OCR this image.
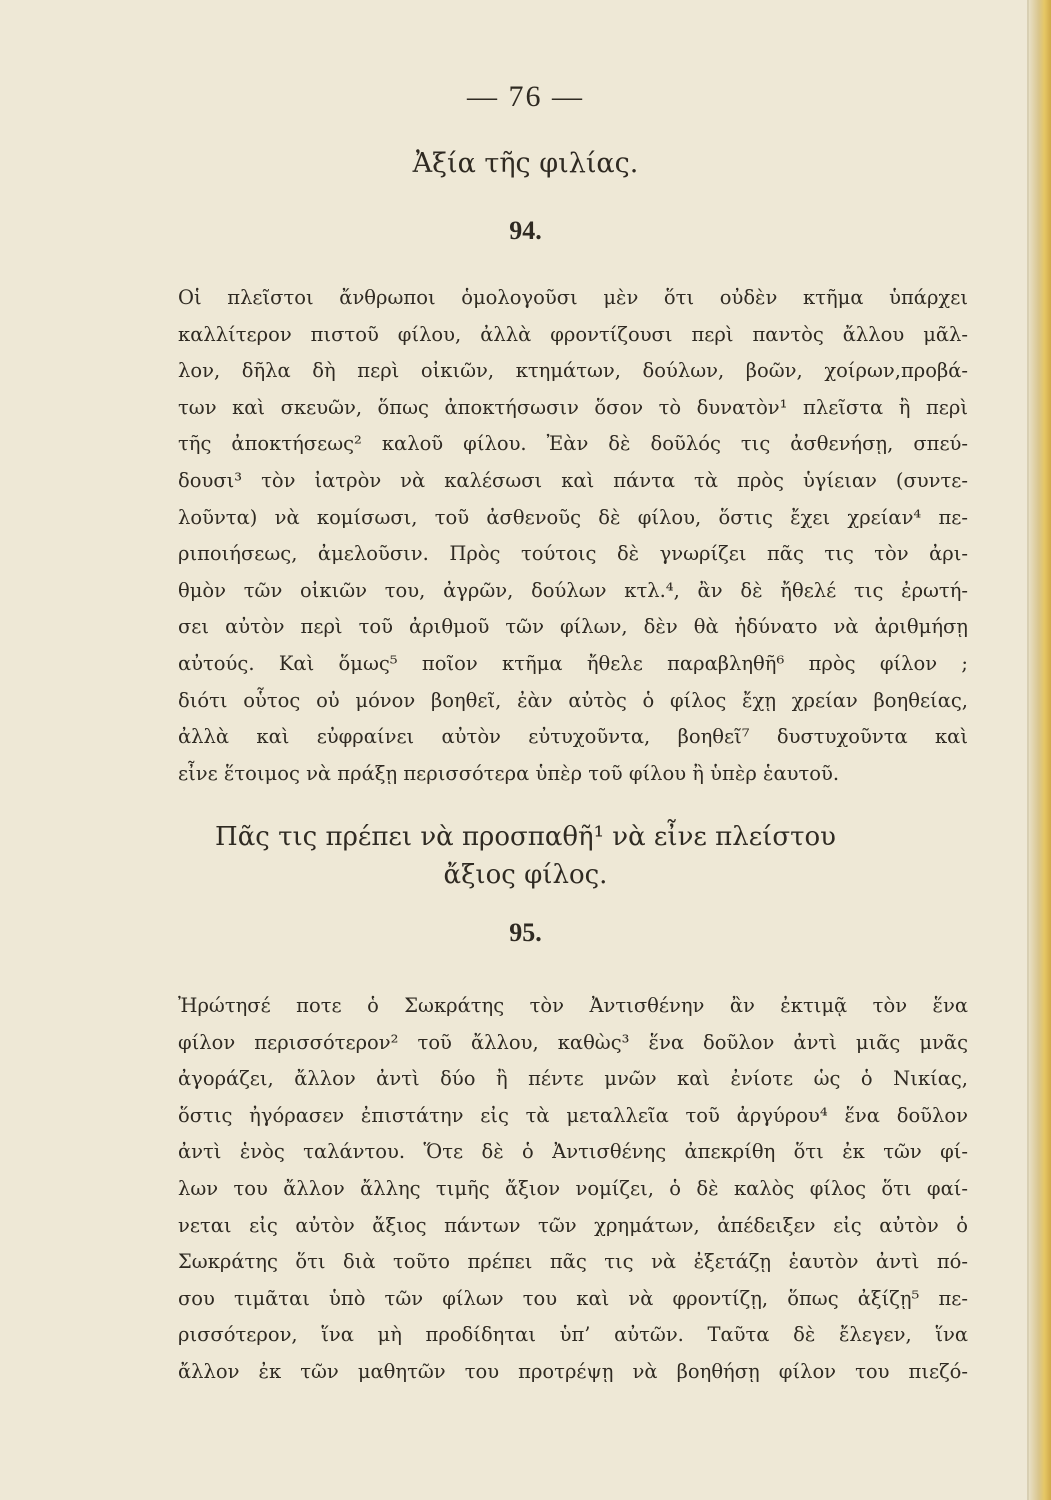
— 76 —
Ἀξία τῆς φιλίας.
94.
Οἱ πλεῖστοι ἄνθρωποι ὁμολογοῦσι μὲν ὅτι οὐδὲν κτῆμα ὑπάρχει
καλλίτερον πιστοῦ φίλου, ἀλλὰ φροντίζουσι περὶ παντὸς ἄλλου μᾶλ-
λον, δῆλα δὴ περὶ οἰκιῶν, κτημάτων, δούλων, βοῶν, χοίρων,προβά-
των καὶ σκευῶν, ὅπως ἀποκτήσωσιν ὅσον τὸ δυνατὸν¹ πλεῖστα ἢ περὶ
τῆς ἀποκτήσεως² καλοῦ φίλου. Ἐὰν δὲ δοῦλός τις ἀσθενήσῃ, σπεύ-
δουσι³ τὸν ἰατρὸν νὰ καλέσωσι καὶ πάντα τὰ πρὸς ὑγίειαν (συντε-
λοῦντα) νὰ κομίσωσι, τοῦ ἀσθενοῦς δὲ φίλου, ὅστις ἔχει χρείαν⁴ πε-
ριποιήσεως, ἀμελοῦσιν. Πρὸς τούτοις δὲ γνωρίζει πᾶς τις τὸν ἀρι-
θμὸν τῶν οἰκιῶν του, ἀγρῶν, δούλων κτλ.⁴, ἂν δὲ ἤθελέ τις ἐρωτή-
σει αὐτὸν περὶ τοῦ ἀριθμοῦ τῶν φίλων, δὲν θὰ ἠδύνατο νὰ ἀριθμήσῃ
αὐτούς. Καὶ ὅμως⁵ ποῖον κτῆμα ἤθελε παραβληθῆ⁶ πρὸς φίλον ;
διότι οὗτος οὐ μόνον βοηθεῖ, ἐὰν αὐτὸς ὁ φίλος ἔχῃ χρείαν βοηθείας,
ἀλλὰ καὶ εὐφραίνει αὐτὸν εὐτυχοῦντα, βοηθεῖ⁷ δυστυχοῦντα καὶ
εἶνε ἕτοιμος νὰ πράξῃ περισσότερα ὑπὲρ τοῦ φίλου ἢ ὑπὲρ ἑαυτοῦ.
Πᾶς τις πρέπει νὰ προσπαθῆ¹ νὰ εἶνε πλείστου
ἄξιος φίλος.
95.
Ἠρώτησέ ποτε ὁ Σωκράτης τὸν Ἀντισθένην ἂν ἐκτιμᾷ τὸν ἕνα
φίλον περισσότερον² τοῦ ἄλλου, καθὼς³ ἕνα δοῦλον ἀντὶ μιᾶς μνᾶς
ἀγοράζει, ἄλλον ἀντὶ δύο ἢ πέντε μνῶν καὶ ἐνίοτε ὡς ὁ Νικίας,
ὅστις ἠγόρασεν ἐπιστάτην εἰς τὰ μεταλλεῖα τοῦ ἀργύρου⁴ ἕνα δοῦλον
ἀντὶ ἑνὸς ταλάντου. Ὅτε δὲ ὁ Ἀντισθένης ἀπεκρίθη ὅτι ἐκ τῶν φί-
λων του ἄλλον ἄλλης τιμῆς ἄξιον νομίζει, ὁ δὲ καλὸς φίλος ὅτι φαί-
νεται εἰς αὐτὸν ἄξιος πάντων τῶν χρημάτων, ἀπέδειξεν εἰς αὐτὸν ὁ
Σωκράτης ὅτι διὰ τοῦτο πρέπει πᾶς τις νὰ ἐξετάζῃ ἑαυτὸν ἀντὶ πό-
σου τιμᾶται ὑπὸ τῶν φίλων του καὶ νὰ φροντίζῃ, ὅπως ἀξίζῃ⁵ πε-
ρισσότερον, ἵνα μὴ προδίδηται ὑπ’ αὐτῶν. Ταῦτα δὲ ἔλεγεν, ἵνα
ἄλλον ἐκ τῶν μαθητῶν του προτρέψῃ νὰ βοηθήσῃ φίλον του πιεζό-
